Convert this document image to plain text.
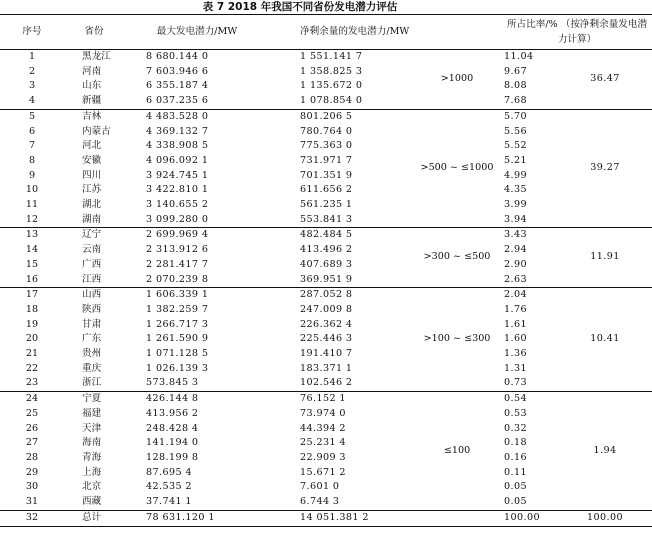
表 7 2018 年我国不同省份发电潜力评估
序号	省份	最大发电潜力/MW	净剩余量的发电潜力/MW		所占比率/% （按净剩余量发电潜力计算）	
1	黑龙江	8 680.144 0	1 551.141 7	>1000	11.04	36.47
2	河南	7 603.946 6	1 358.825 3		9.67	
3	山东	6 355.187 4	1 135.672 0		8.08	
4	新疆	6 037.235 6	1 078.854 0		7.68	
5	吉林	4 483.528 0	801.206 5	>500 ~ ≤1000	5.70	39.27
6	内蒙古	4 369.132 7	780.764 0		5.56	
7	河北	4 338.908 5	775.363 0		5.52	
8	安徽	4 096.092 1	731.971 7		5.21	
9	四川	3 924.745 1	701.351 9		4.99	
10	江苏	3 422.810 1	611.656 2		4.35	
11	湖北	3 140.655 2	561.235 1		3.99	
12	湖南	3 099.280 0	553.841 3		3.94	
13	辽宁	2 699.969 4	482.484 5	>300 ~ ≤500	3.43	11.91
14	云南	2 313.912 6	413.496 2		2.94	
15	广西	2 281.417 7	407.689 3		2.90	
16	江西	2 070.239 8	369.951 9		2.63	
17	山西	1 606.339 1	287.052 8	>100 ~ ≤300	2.04	10.41
18	陕西	1 382.259 7	247.009 8		1.76	
19	甘肃	1 266.717 3	226.362 4		1.61	
20	广东	1 261.590 9	225.446 3		1.60	
21	贵州	1 071.128 5	191.410 7		1.36	
22	重庆	1 026.139 3	183.371 1		1.31	
23	浙江	573.845 3	102.546 2		0.73	
24	宁夏	426.144 8	76.152 1	≤100	0.54	1.94
25	福建	413.956 2	73.974 0		0.53	
26	天津	248.428 4	44.394 2		0.32	
27	海南	141.194 0	25.231 4		0.18	
28	青海	128.199 8	22.909 3		0.16	
29	上海	87.695 4	15.671 2		0.11	
30	北京	42.535 2	7.601 0		0.05	
31	西藏	37.741 1	6.744 3		0.05	
32	总计	78 631.120 1	14 051.381 2		100.00	100.00
